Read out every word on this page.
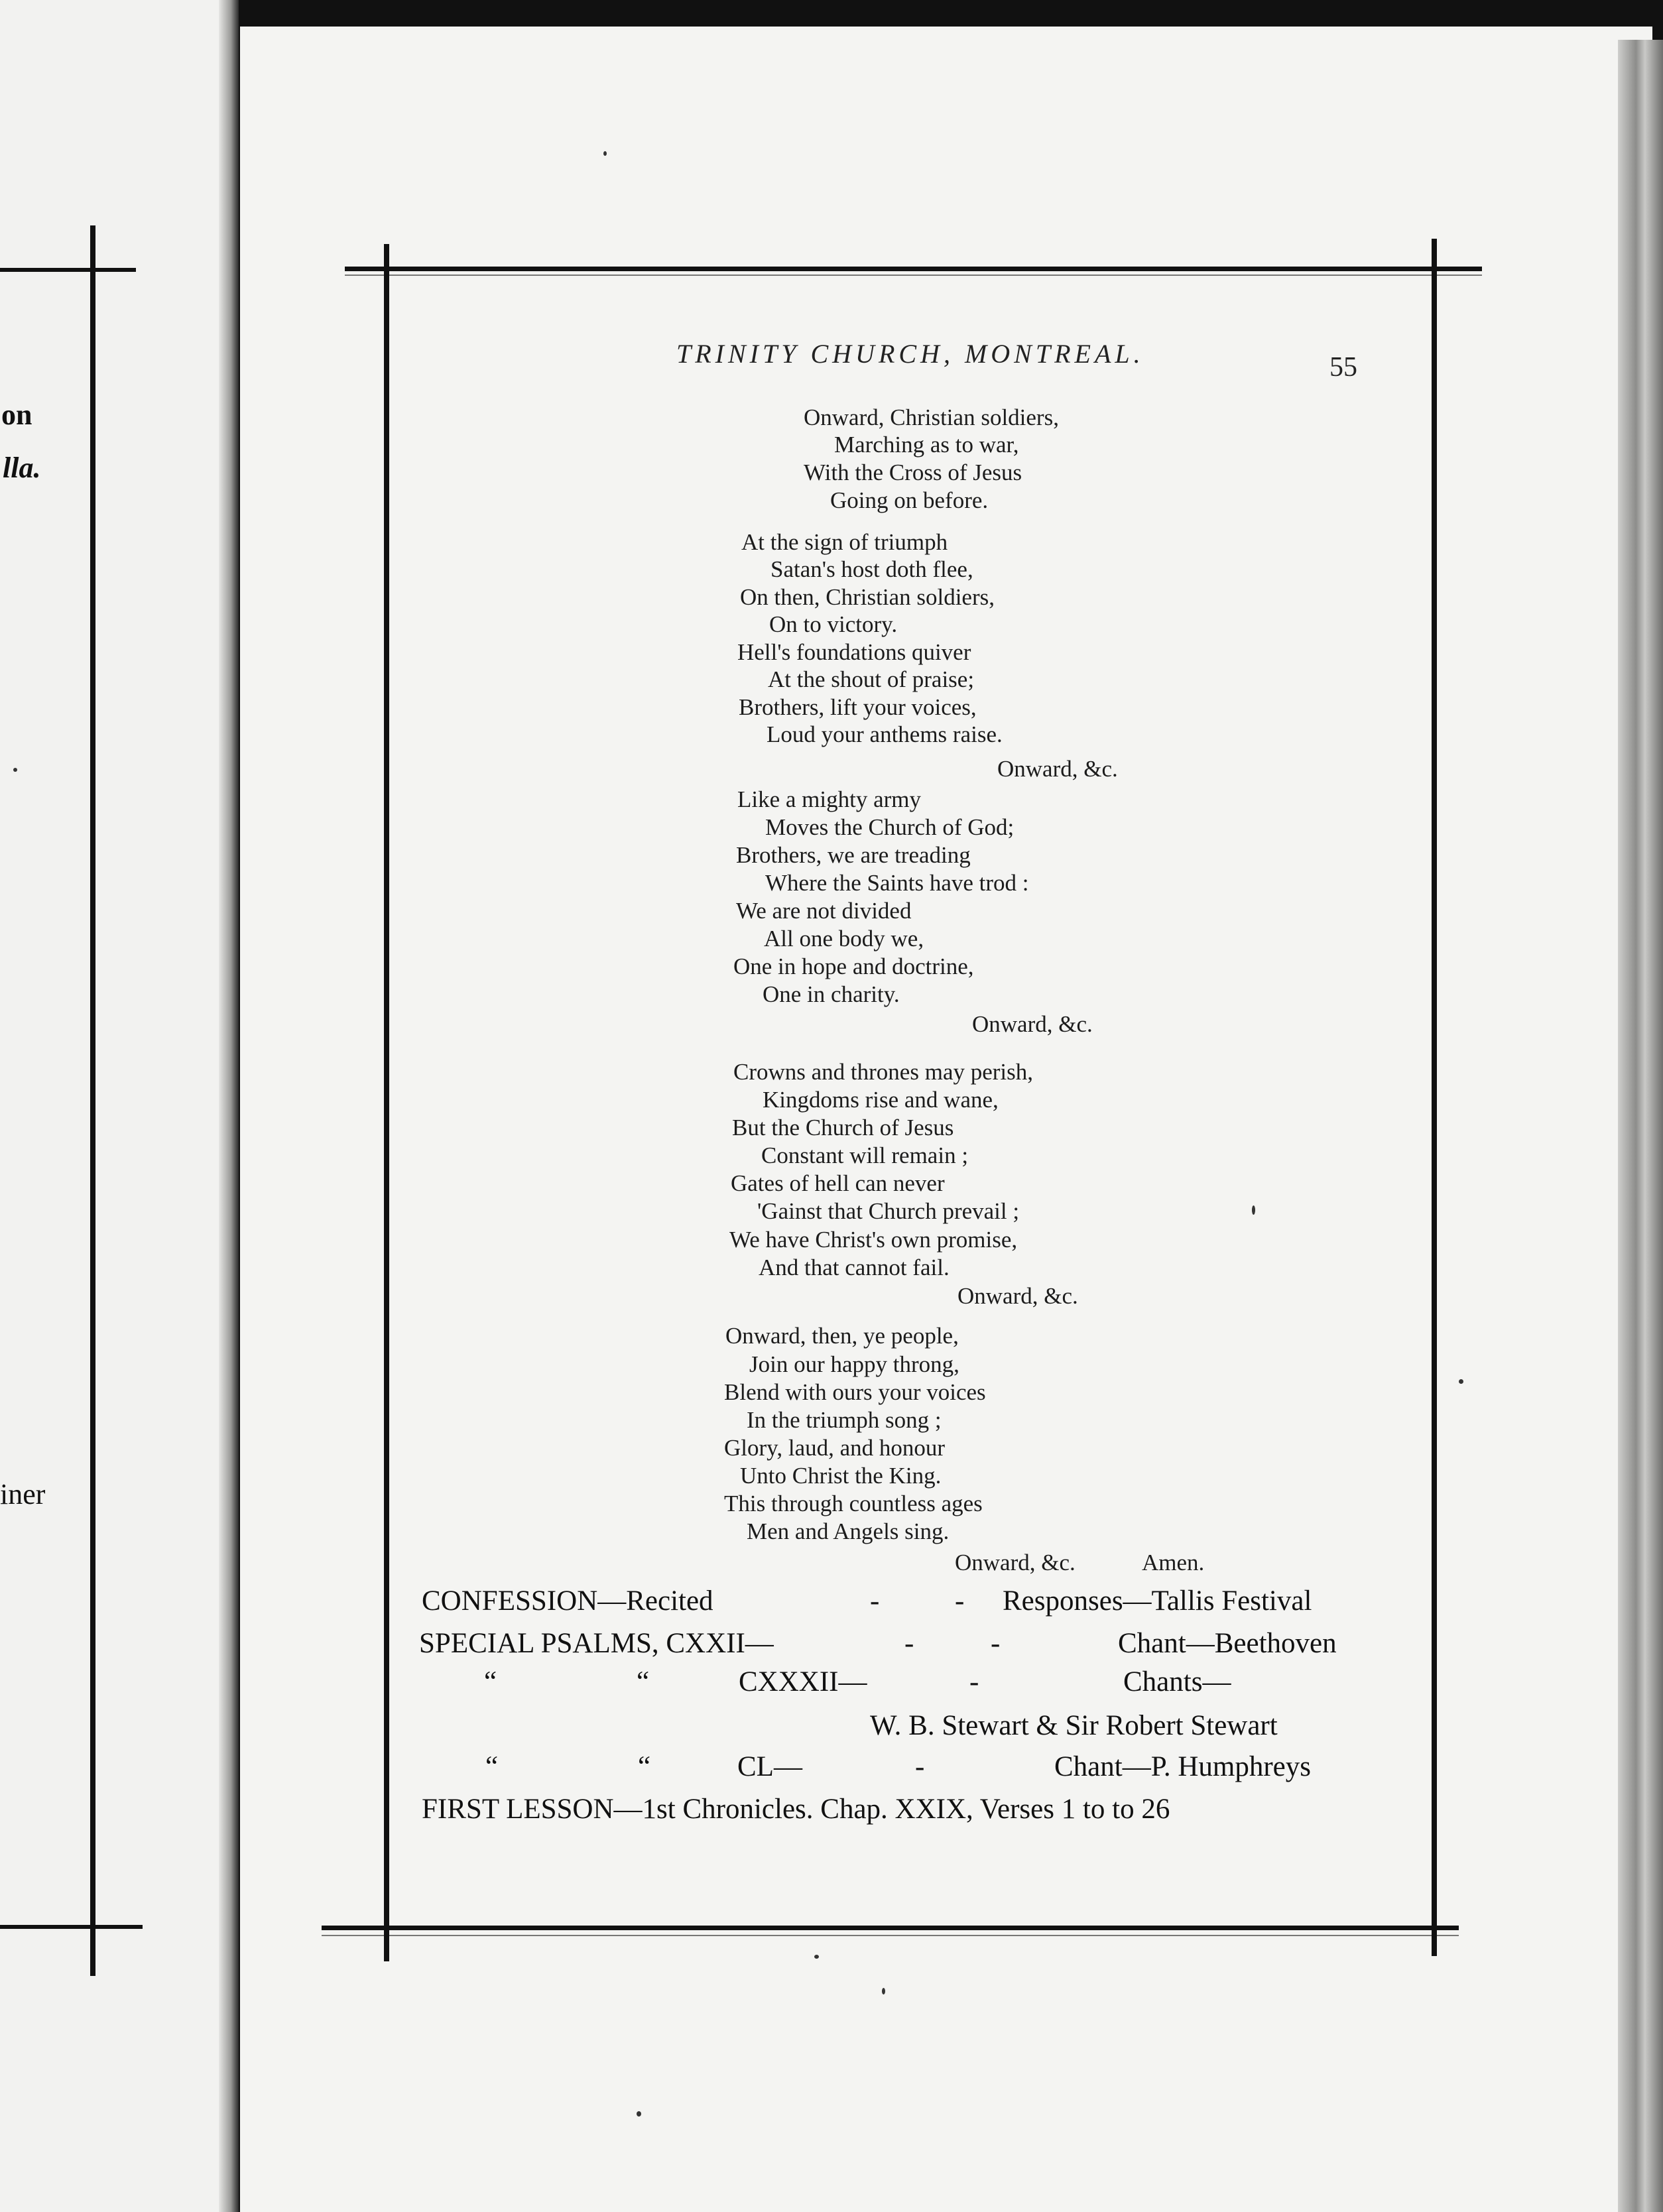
on
lla.
iner
TRINITY CHURCH, MONTREAL.	55
Onward, Christian soldiers,
Marching as to war,
With the Cross of Jesus
Going on before.
At the sign of triumph
Satan's host doth flee,
On then, Christian soldiers,
On to victory.
Hell's foundations quiver
At the shout of praise;
Brothers, lift your voices,
Loud your anthems raise.
Onward, &c.
Like a mighty army
Moves the Church of God;
Brothers, we are treading
Where the Saints have trod :
We are not divided
All one body we,
One in hope and doctrine,
One in charity.
Onward, &c.
Crowns and thrones may perish,
Kingdoms rise and wane,
But the Church of Jesus
Constant will remain ;
Gates of hell can never
'Gainst that Church prevail ;
We have Christ's own promise,
And that cannot fail.
Onward, &c.
Onward, then, ye people,
Join our happy throng,
Blend with ours your voices
In the triumph song ;
Glory, laud, and honour
Unto Christ the King.
This through countless ages
Men and Angels sing.
Onward, &c.	Amen.
CONFESSION—Recited	-	- Responses—Tallis Festival
SPECIAL PSALMS, CXXII—	-	-	Chant—Beethoven
“	“	CXXXII—	-	Chants—
W. B. Stewart & Sir Robert Stewart
“	“	CL—	-	Chant—P. Humphreys
FIRST LESSON—1st Chronicles. Chap. XXIX, Verses 1 to to 26
